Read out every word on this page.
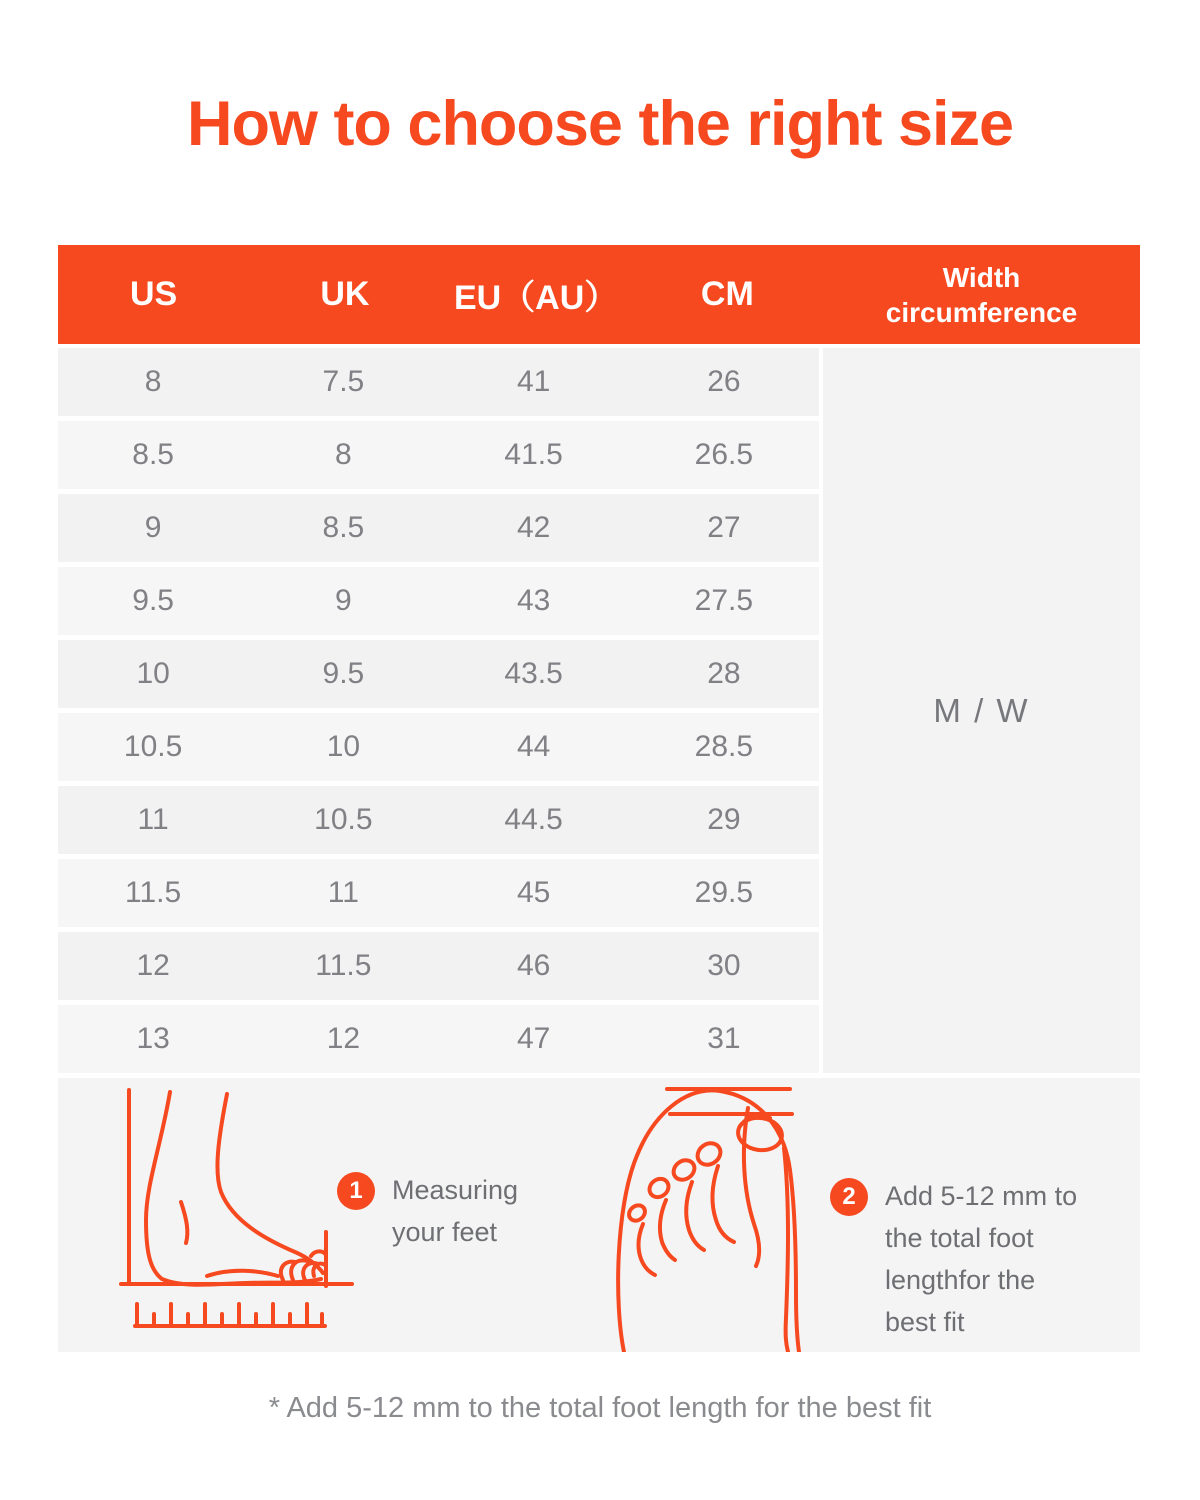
How to choose the right size
US	UK	EU（AU）	CM	Width circumference
8	7.5	41	26
8.5	8	41.5	26.5
9	8.5	42	27
9.5	9	43	27.5
10	9.5	43.5	28
10.5	10	44	28.5
11	10.5	44.5	29
11.5	11	45	29.5
12	11.5	46	30
13	12	47	31
M / W
1	Measuring your feet
2	Add 5-12 mm to the total foot lengthfor the best fit
* Add 5-12 mm to the total foot length for the best fit
